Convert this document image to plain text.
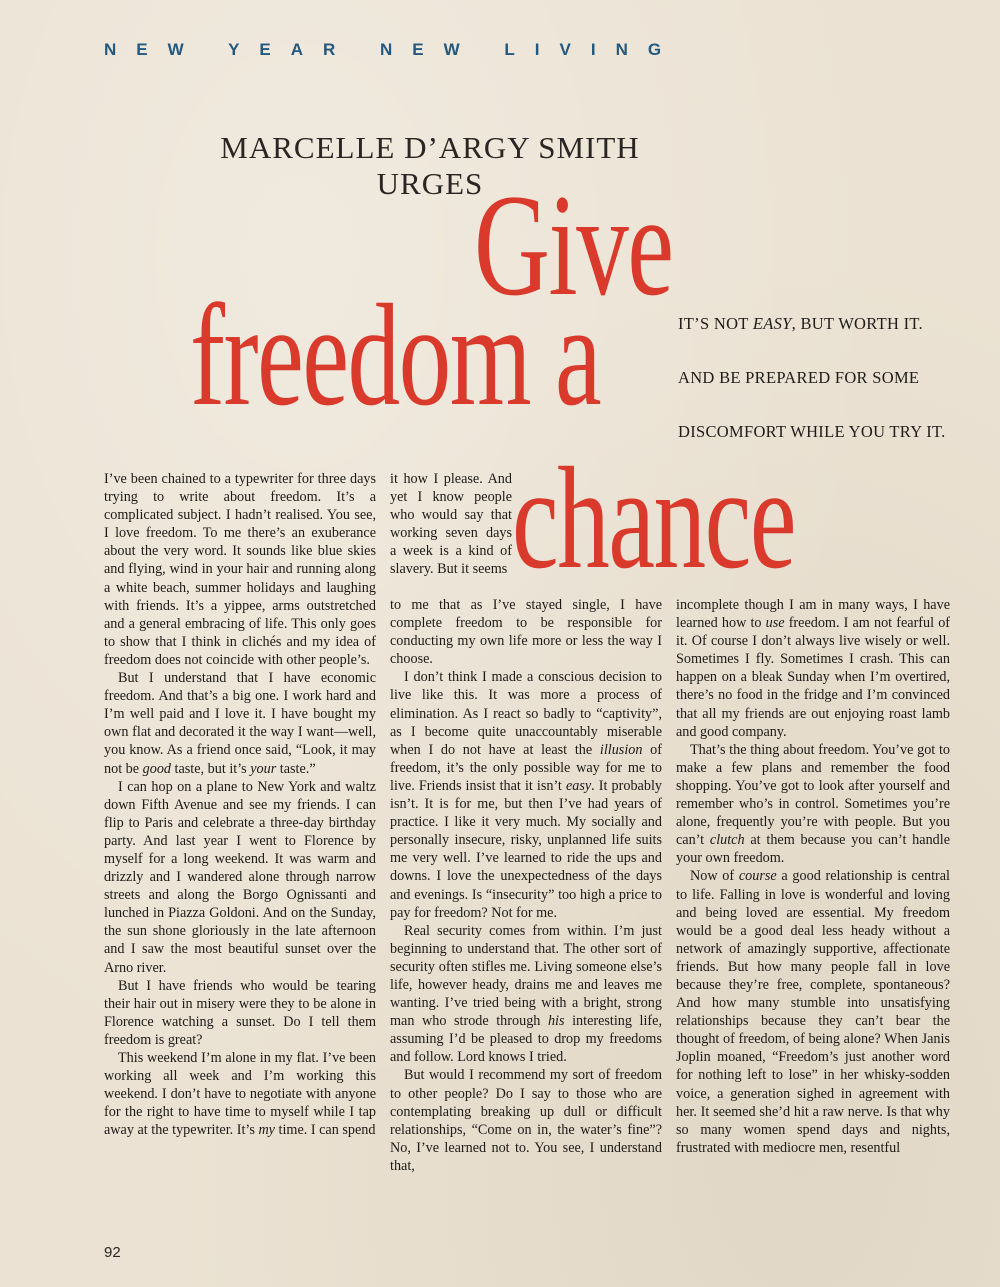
NEW YEAR NEW LIVING
MARCELLE D’ARGY SMITH
URGES
Give
freedom a
chance
IT’S NOT EASY, BUT WORTH IT.
AND BE PREPARED FOR SOME
DISCOMFORT WHILE YOU TRY IT.

I’ve been chained to a typewriter for three days trying to write about freedom. It’s a complicated subject. I hadn’t realised. You see, I love freedom. To me there’s an exuberance about the very word. It sounds like blue skies and flying, wind in your hair and running along a white beach, summer holidays and laughing with friends. It’s a yippee, arms outstretched and a general embracing of life. This only goes to show that I think in clichés and my idea of freedom does not coincide with other people’s.

But I understand that I have economic freedom. And that’s a big one. I work hard and I’m well paid and I love it. I have bought my own flat and decorated it the way I want—well, you know. As a friend once said, “Look, it may not be good taste, but it’s your taste.”

I can hop on a plane to New York and waltz down Fifth Avenue and see my friends. I can flip to Paris and celebrate a three-day birthday party. And last year I went to Florence by myself for a long weekend. It was warm and drizzly and I wandered alone through narrow streets and along the Borgo Ognissanti and lunched in Piazza Goldoni. And on the Sunday, the sun shone gloriously in the late afternoon and I saw the most beautiful sunset over the Arno river.

But I have friends who would be tearing their hair out in misery were they to be alone in Florence watching a sunset. Do I tell them freedom is great?

This weekend I’m alone in my flat. I’ve been working all week and I’m working this weekend. I don’t have to negotiate with anyone for the right to have time to myself while I tap away at the typewriter. It’s my time. I can spend

it how I please. And yet I know people who would say that working seven days a week is a kind of slavery. But it seems

to me that as I’ve stayed single, I have complete freedom to be responsible for conducting my own life more or less the way I choose.

I don’t think I made a conscious decision to live like this. It was more a process of elimination. As I react so badly to “captivity”, as I become quite unaccountably miserable when I do not have at least the illusion of freedom, it’s the only possible way for me to live. Friends insist that it isn’t easy. It probably isn’t. It is for me, but then I’ve had years of practice. I like it very much. My socially and personally insecure, risky, unplanned life suits me very well. I’ve learned to ride the ups and downs. I love the unexpectedness of the days and evenings. Is “insecurity” too high a price to pay for freedom? Not for me.

Real security comes from within. I’m just beginning to understand that. The other sort of security often stifles me. Living someone else’s life, however heady, drains me and leaves me wanting. I’ve tried being with a bright, strong man who strode through his interesting life, assuming I’d be pleased to drop my freedoms and follow. Lord knows I tried.

But would I recommend my sort of freedom to other people? Do I say to those who are contemplating breaking up dull or difficult relationships, “Come on in, the water’s fine”? No, I’ve learned not to. You see, I understand that,

incomplete though I am in many ways, I have learned how to use freedom. I am not fearful of it. Of course I don’t always live wisely or well. Sometimes I fly. Sometimes I crash. This can happen on a bleak Sunday when I’m overtired, there’s no food in the fridge and I’m convinced that all my friends are out enjoying roast lamb and good company.

That’s the thing about freedom. You’ve got to make a few plans and remember the food shopping. You’ve got to look after yourself and remember who’s in control. Sometimes you’re alone, frequently you’re with people. But you can’t clutch at them because you can’t handle your own freedom.

Now of course a good relationship is central to life. Falling in love is wonderful and loving and being loved are essential. My freedom would be a good deal less heady without a network of amazingly supportive, affectionate friends. But how many people fall in love because they’re free, complete, spontaneous? And how many stumble into unsatisfying relationships because they can’t bear the thought of freedom, of being alone? When Janis Joplin moaned, “Freedom’s just another word for nothing left to lose” in her whisky-sodden voice, a generation sighed in agreement with her. It seemed she’d hit a raw nerve. Is that why so many women spend days and nights, frustrated with mediocre men, resentful

92
